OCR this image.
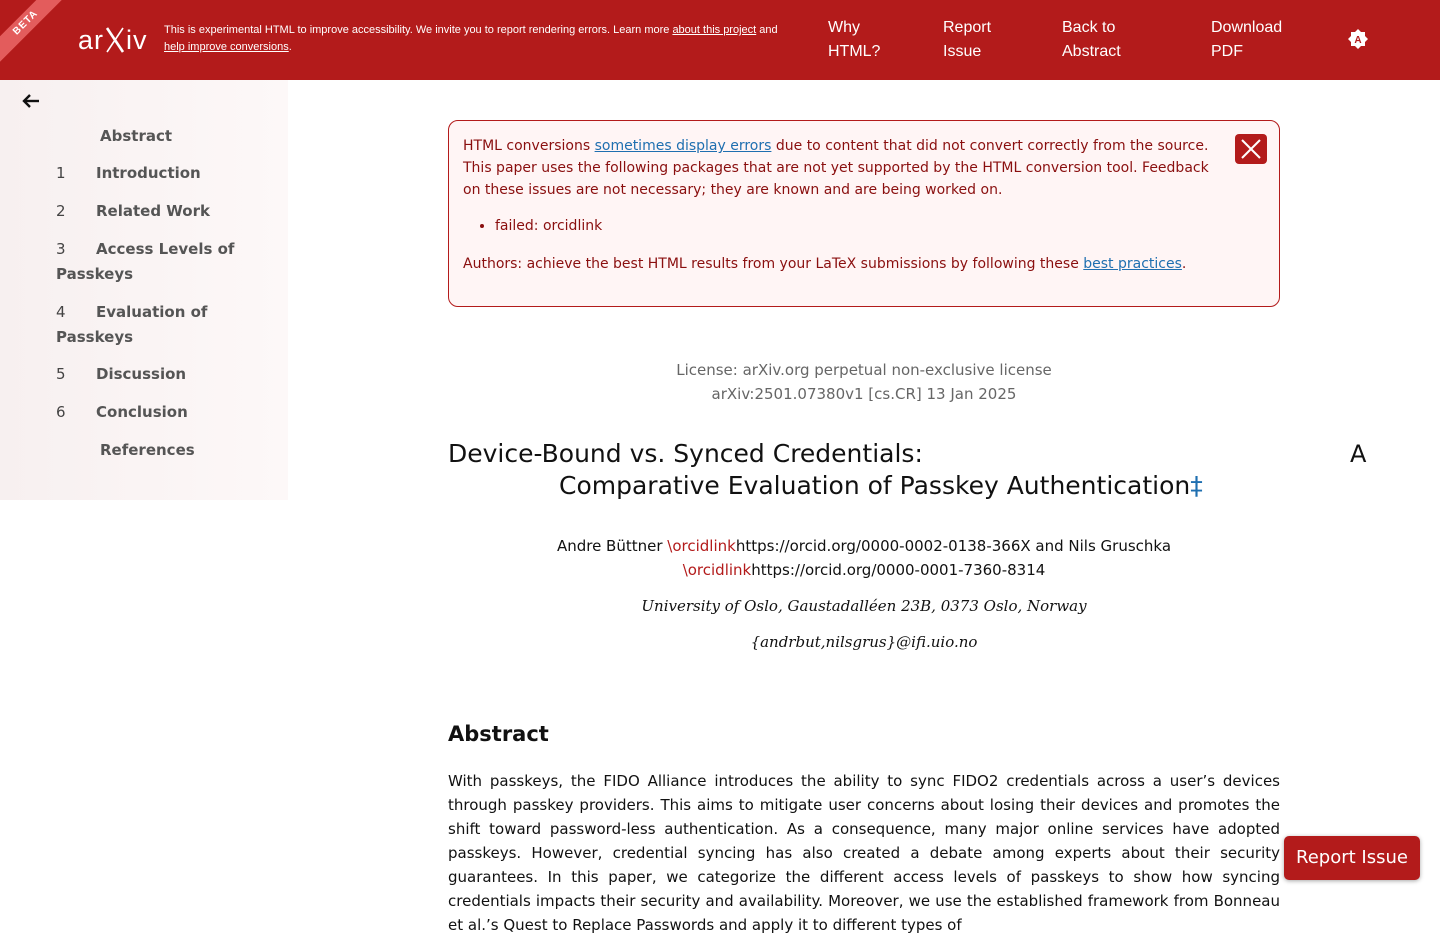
BETA
ar iv This is experimental HTML to improve accessibility. We invite you to report rendering errors. Learn more about this project and
help improve conversions.
Why
HTML?
Report
Issue
Back to
Abstract
Download
PDF
A
Abstract
1 Introduction
2 Related Work
3 Access Levels of
Passkeys
4 Evaluation of
Passkeys
5 Discussion
6 Conclusion
References

HTML conversions sometimes display errors due to content that did not convert correctly from the source. This paper uses the following packages that are not yet supported by the HTML conversion tool. Feedback on these issues are not necessary; they are known and are being worked on.

• failed: orcidlink

Authors: achieve the best HTML results from your LaTeX submissions by following these best practices.

License: arXiv.org perpetual non-exclusive license
arXiv:2501.07380v1 [cs.CR] 13 Jan 2025
Device-Bound vs. Synced Credentials:
Comparative Evaluation of Passkey Authentication‡
A
Andre Büttner \orcidlinkhttps://orcid.org/0000-0002-0138-366X and Nils Gruschka
\orcidlinkhttps://orcid.org/0000-0001-7360-8314
University of Oslo, Gaustadalléen 23B, 0373 Oslo, Norway
{andrbut,nilsgrus}@ifi.uio.no
Abstract
With passkeys, the FIDO Alliance introduces the ability to sync FIDO2 credentials across a user’s devices through passkey providers. This aims to mitigate user concerns about losing their devices and promotes the shift toward password-less authentication. As a consequence, many major online services have adopted passkeys. However, credential syncing has also created a debate among experts about their security guarantees. In this paper, we categorize the different access levels of passkeys to show how syncing credentials impacts their security and availability. Moreover, we use the established framework from Bonneau et al.’s Quest to Replace Passwords and apply it to different types of
Report Issue
